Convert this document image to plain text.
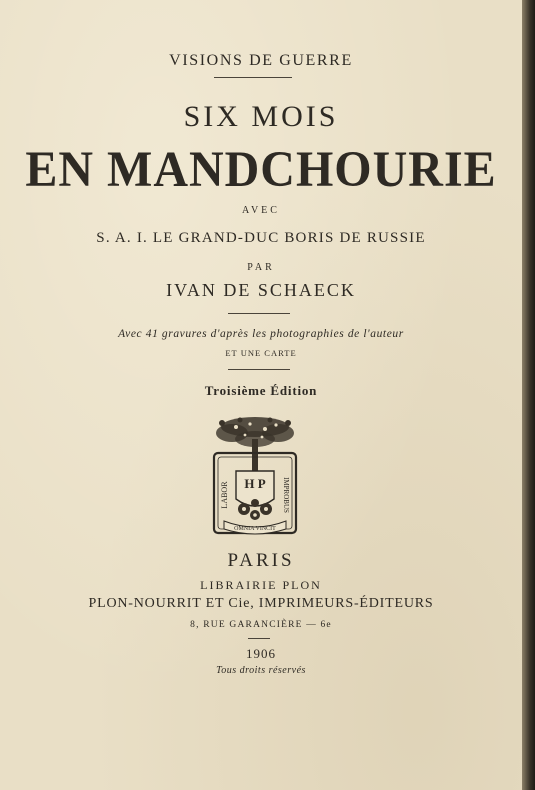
VISIONS DE GUERRE
SIX MOIS
EN MANDCHOURIE
AVEC
S. A. I. LE GRAND-DUC BORIS DE RUSSIE
PAR
IVAN DE SCHAECK
Avec 41 gravures d'après les photographies de l'auteur
ET UNE CARTE
Troisième Édition
H P
LABOR	IMPROBUS
OMNIA VINCIT
PARIS
LIBRAIRIE PLON
PLON-NOURRIT ET Cie, IMPRIMEURS-ÉDITEURS
8, RUE GARANCIÈRE — 6e
1906
Tous droits réservés
